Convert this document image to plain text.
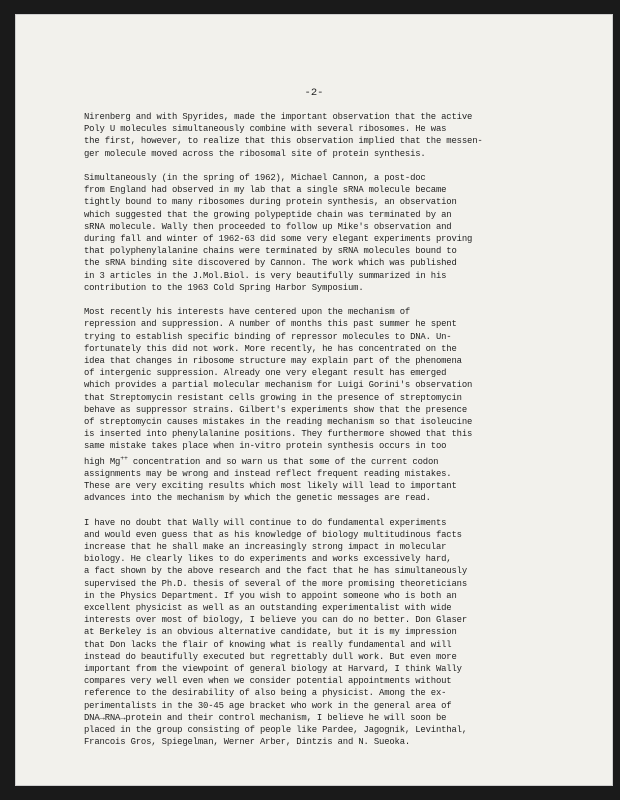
-2-
Nirenberg and with Spyrides, made the important observation that the active
Poly U molecules simultaneously combine with several ribosomes. He was
the first, however, to realize that this observation implied that the messen-
ger molecule moved across the ribosomal site of protein synthesis.
Simultaneously (in the spring of 1962), Michael Cannon, a post-doc
from England had observed in my lab that a single sRNA molecule became
tightly bound to many ribosomes during protein synthesis, an observation
which suggested that the growing polypeptide chain was terminated by an
sRNA molecule. Wally then proceeded to follow up Mike's observation and
during fall and winter of 1962-63 did some very elegant experiments proving
that polyphenylalanine chains were terminated by sRNA molecules bound to
the sRNA binding site discovered by Cannon. The work which was published
in 3 articles in the J.Mol.Biol. is very beautifully summarized in his
contribution to the 1963 Cold Spring Harbor Symposium.
Most recently his interests have centered upon the mechanism of
repression and suppression. A number of months this past summer he spent
trying to establish specific binding of repressor molecules to DNA. Un-
fortunately this did not work. More recently, he has concentrated on the
idea that changes in ribosome structure may explain part of the phenomena
of intergenic suppression. Already one very elegant result has emerged
which provides a partial molecular mechanism for Luigi Gorini's observation
that Streptomycin resistant cells growing in the presence of streptomycin
behave as suppressor strains. Gilbert's experiments show that the presence
of streptomycin causes mistakes in the reading mechanism so that isoleucine
is inserted into phenylalanine positions. They furthermore showed that this
same mistake takes place when in-vitro protein synthesis occurs in too
high Mg++ concentration and so warn us that some of the current codon
assignments may be wrong and instead reflect frequent reading mistakes.
These are very exciting results which most likely will lead to important
advances into the mechanism by which the genetic messages are read.
I have no doubt that Wally will continue to do fundamental experiments
and would even guess that as his knowledge of biology multitudinous facts
increase that he shall make an increasingly strong impact in molecular
biology. He clearly likes to do experiments and works excessively hard,
a fact shown by the above research and the fact that he has simultaneously
supervised the Ph.D. thesis of several of the more promising theoreticians
in the Physics Department. If you wish to appoint someone who is both an
excellent physicist as well as an outstanding experimentalist with wide
interests over most of biology, I believe you can do no better. Don Glaser
at Berkeley is an obvious alternative candidate, but it is my impression
that Don lacks the flair of knowing what is really fundamental and will
instead do beautifully executed but regrettably dull work. But even more
important from the viewpoint of general biology at Harvard, I think Wally
compares very well even when we consider potential appointments without
reference to the desirability of also being a physicist. Among the ex-
perimentalists in the 30-45 age bracket who work in the general area of
DNA→RNA→protein and their control mechanism, I believe he will soon be
placed in the group consisting of people like Pardee, Jagognik, Levinthal,
Francois Gros, Spiegelman, Werner Arber, Dintzis and N. Sueoka.
